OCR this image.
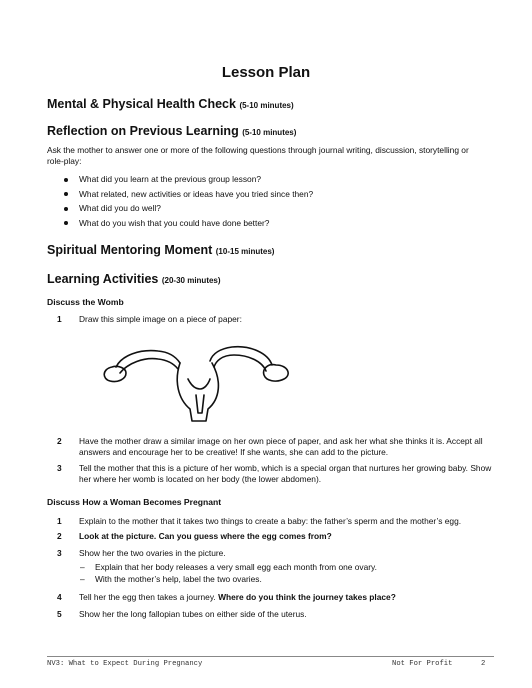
Lesson Plan
Mental & Physical Health Check (5-10 minutes)
Reflection on Previous Learning (5-10 minutes)

Ask the mother to answer one or more of the following questions through journal writing, discussion, storytelling or role-play:

What did you learn at the previous group lesson?
What related, new activities or ideas have you tried since then?
What did you do well?
What do you wish that you could have done better?
Spiritual Mentoring Moment (10-15 minutes)
Learning Activities (20-30 minutes)
Discuss the Womb
1	Draw this simple image on a piece of paper:
2	Have the mother draw a similar image on her own piece of paper, and ask her what she thinks it is. Accept all answers and encourage her to be creative! If she wants, she can add to the picture.
3	Tell the mother that this is a picture of her womb, which is a special organ that nurtures her growing baby. Show her where her womb is located on her body (the lower abdomen).
Discuss How a Woman Becomes Pregnant
1	Explain to the mother that it takes two things to create a baby: the father’s sperm and the mother’s egg.
2	Look at the picture. Can you guess where the egg comes from?
3	Show her the two ovaries in the picture.
– Explain that her body releases a very small egg each month from one ovary.
– With the mother’s help, label the two ovaries.
4	Tell her the egg then takes a journey. Where do you think the journey takes place?
5	Show her the long fallopian tubes on either side of the uterus.
NV3: What to Expect During Pregnancy	Not For Profit	2
